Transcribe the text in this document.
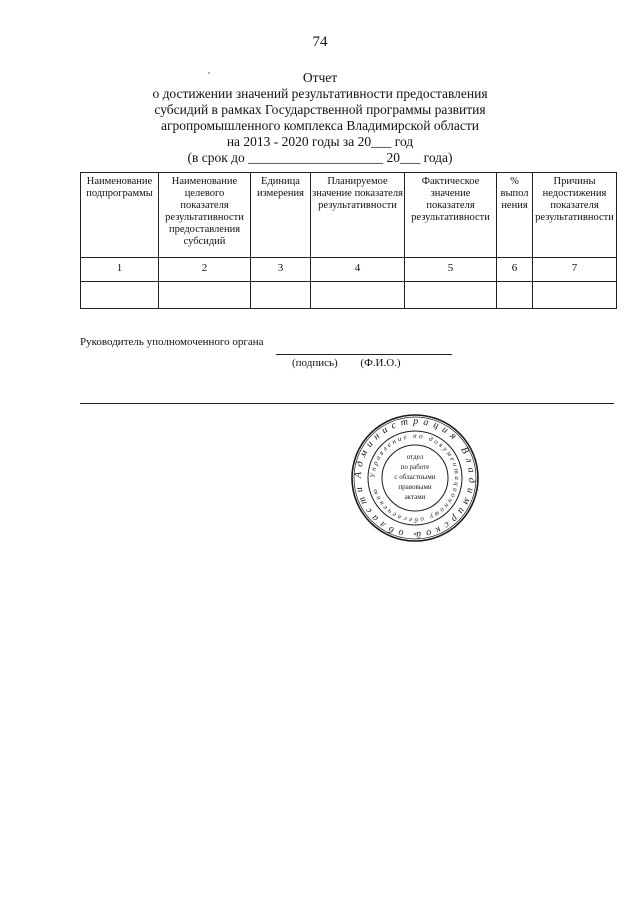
74
Отчет
о достижении значений результативности предоставления
субсидий в рамках Государственной программы развития
агропромышленного комплекса Владимирской области
на 2013 - 2020 годы за 20___ год
(в срок до ____________________ 20___ года)
Наименование подпрограммы	Наименование целевого показателя результативности предоставления субсидий	Единица измерения	Планируемое значение показателя результативности	Фактическое значение показателя результативности	% выпол нения	Причины недостижения показателя результативности
1	2	3	4	5	6	7

Руководитель уполномоченного органа
(подпись) (Ф.И.О.)
Администрация Владимирской области
Управление по документационному обеспечению
отдел
по работе
с областными
правовыми
актами
*
